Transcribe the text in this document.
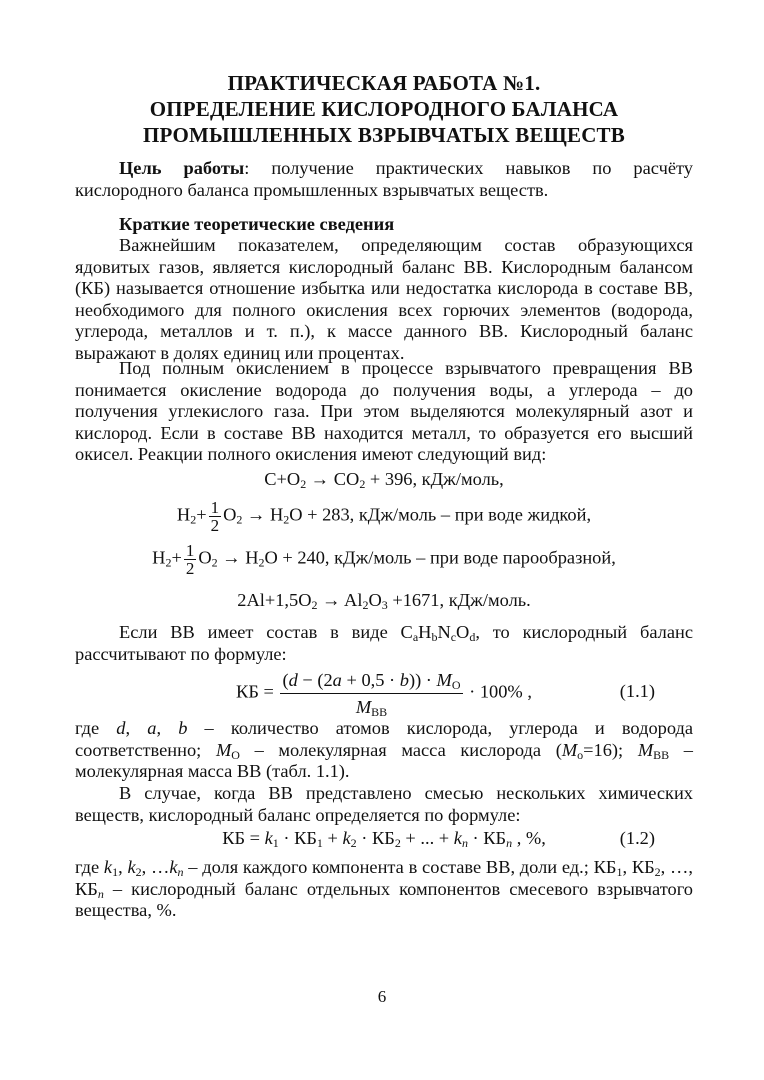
ПРАКТИЧЕСКАЯ РАБОТА №1.
ОПРЕДЕЛЕНИЕ КИСЛОРОДНОГО БАЛАНСА
ПРОМЫШЛЕННЫХ ВЗРЫВЧАТЫХ ВЕЩЕСТВ
Цель работы: получение практических навыков по расчёту кислородного баланса промышленных взрывчатых веществ.
Краткие теоретические сведения
Важнейшим показателем, определяющим состав образующихся ядовитых газов, является кислородный баланс ВВ. Кислородным балансом (КБ) называется отношение избытка или недостатка кислорода в составе ВВ, необходимого для полного окисления всех горючих элементов (водорода, углерода, металлов и т. п.), к массе данного ВВ. Кислородный баланс выражают в долях единиц или процентах.
Под полным окислением в процессе взрывчатого превращения ВВ понимается окисление водорода до получения воды, а углерода – до получения углекислого газа. При этом выделяются молекулярный азот и кислород. Если в составе ВВ находится металл, то образуется его высший окисел. Реакции полного окисления имеют следующий вид:
$C+O_2 \to CO_2 + 396$, кДж/моль,
$H_2+ \frac{1}{2} O_2 \to H_2O + 283$, кДж/моль – при воде жидкой,
$H_2+ \frac{1}{2} O_2 \to H_2O + 240$, кДж/моль – при воде парообразной,
$2Al+1,5O_2 \to Al_2O_3 +1671$, кДж/моль.
Если ВВ имеет состав в виде $C_aH_bN_cO_d$, то кислородный баланс рассчитывают по формуле:
КБ = $\frac{(d - (2a + 0,5 \cdot b)) \cdot M_O}{M_{ВВ}} \cdot 100\%$ ,	(1.1)
где d, a, b – количество атомов кислорода, углерода и водорода соответственно; $M_O$ – молекулярная масса кислорода $(M_o=16)$; $M_{ВВ}$ – молекулярная масса ВВ (табл. 1.1).
В случае, когда ВВ представлено смесью нескольких химических веществ, кислородный баланс определяется по формуле:
КБ = $k_1 \cdot КБ_1 + k_2 \cdot КБ_2$ + ... + $k_n \cdot КБ_n$ , %,	(1.2)
где $k_1$, $k_2$, $\dots k_n$ – доля каждого компонента в составе ВВ, доли ед.; $КБ_1$, $КБ_2$, …, $КБ_n$ – кислородный баланс отдельных компонентов смесевого взрывчатого вещества, %.
6
